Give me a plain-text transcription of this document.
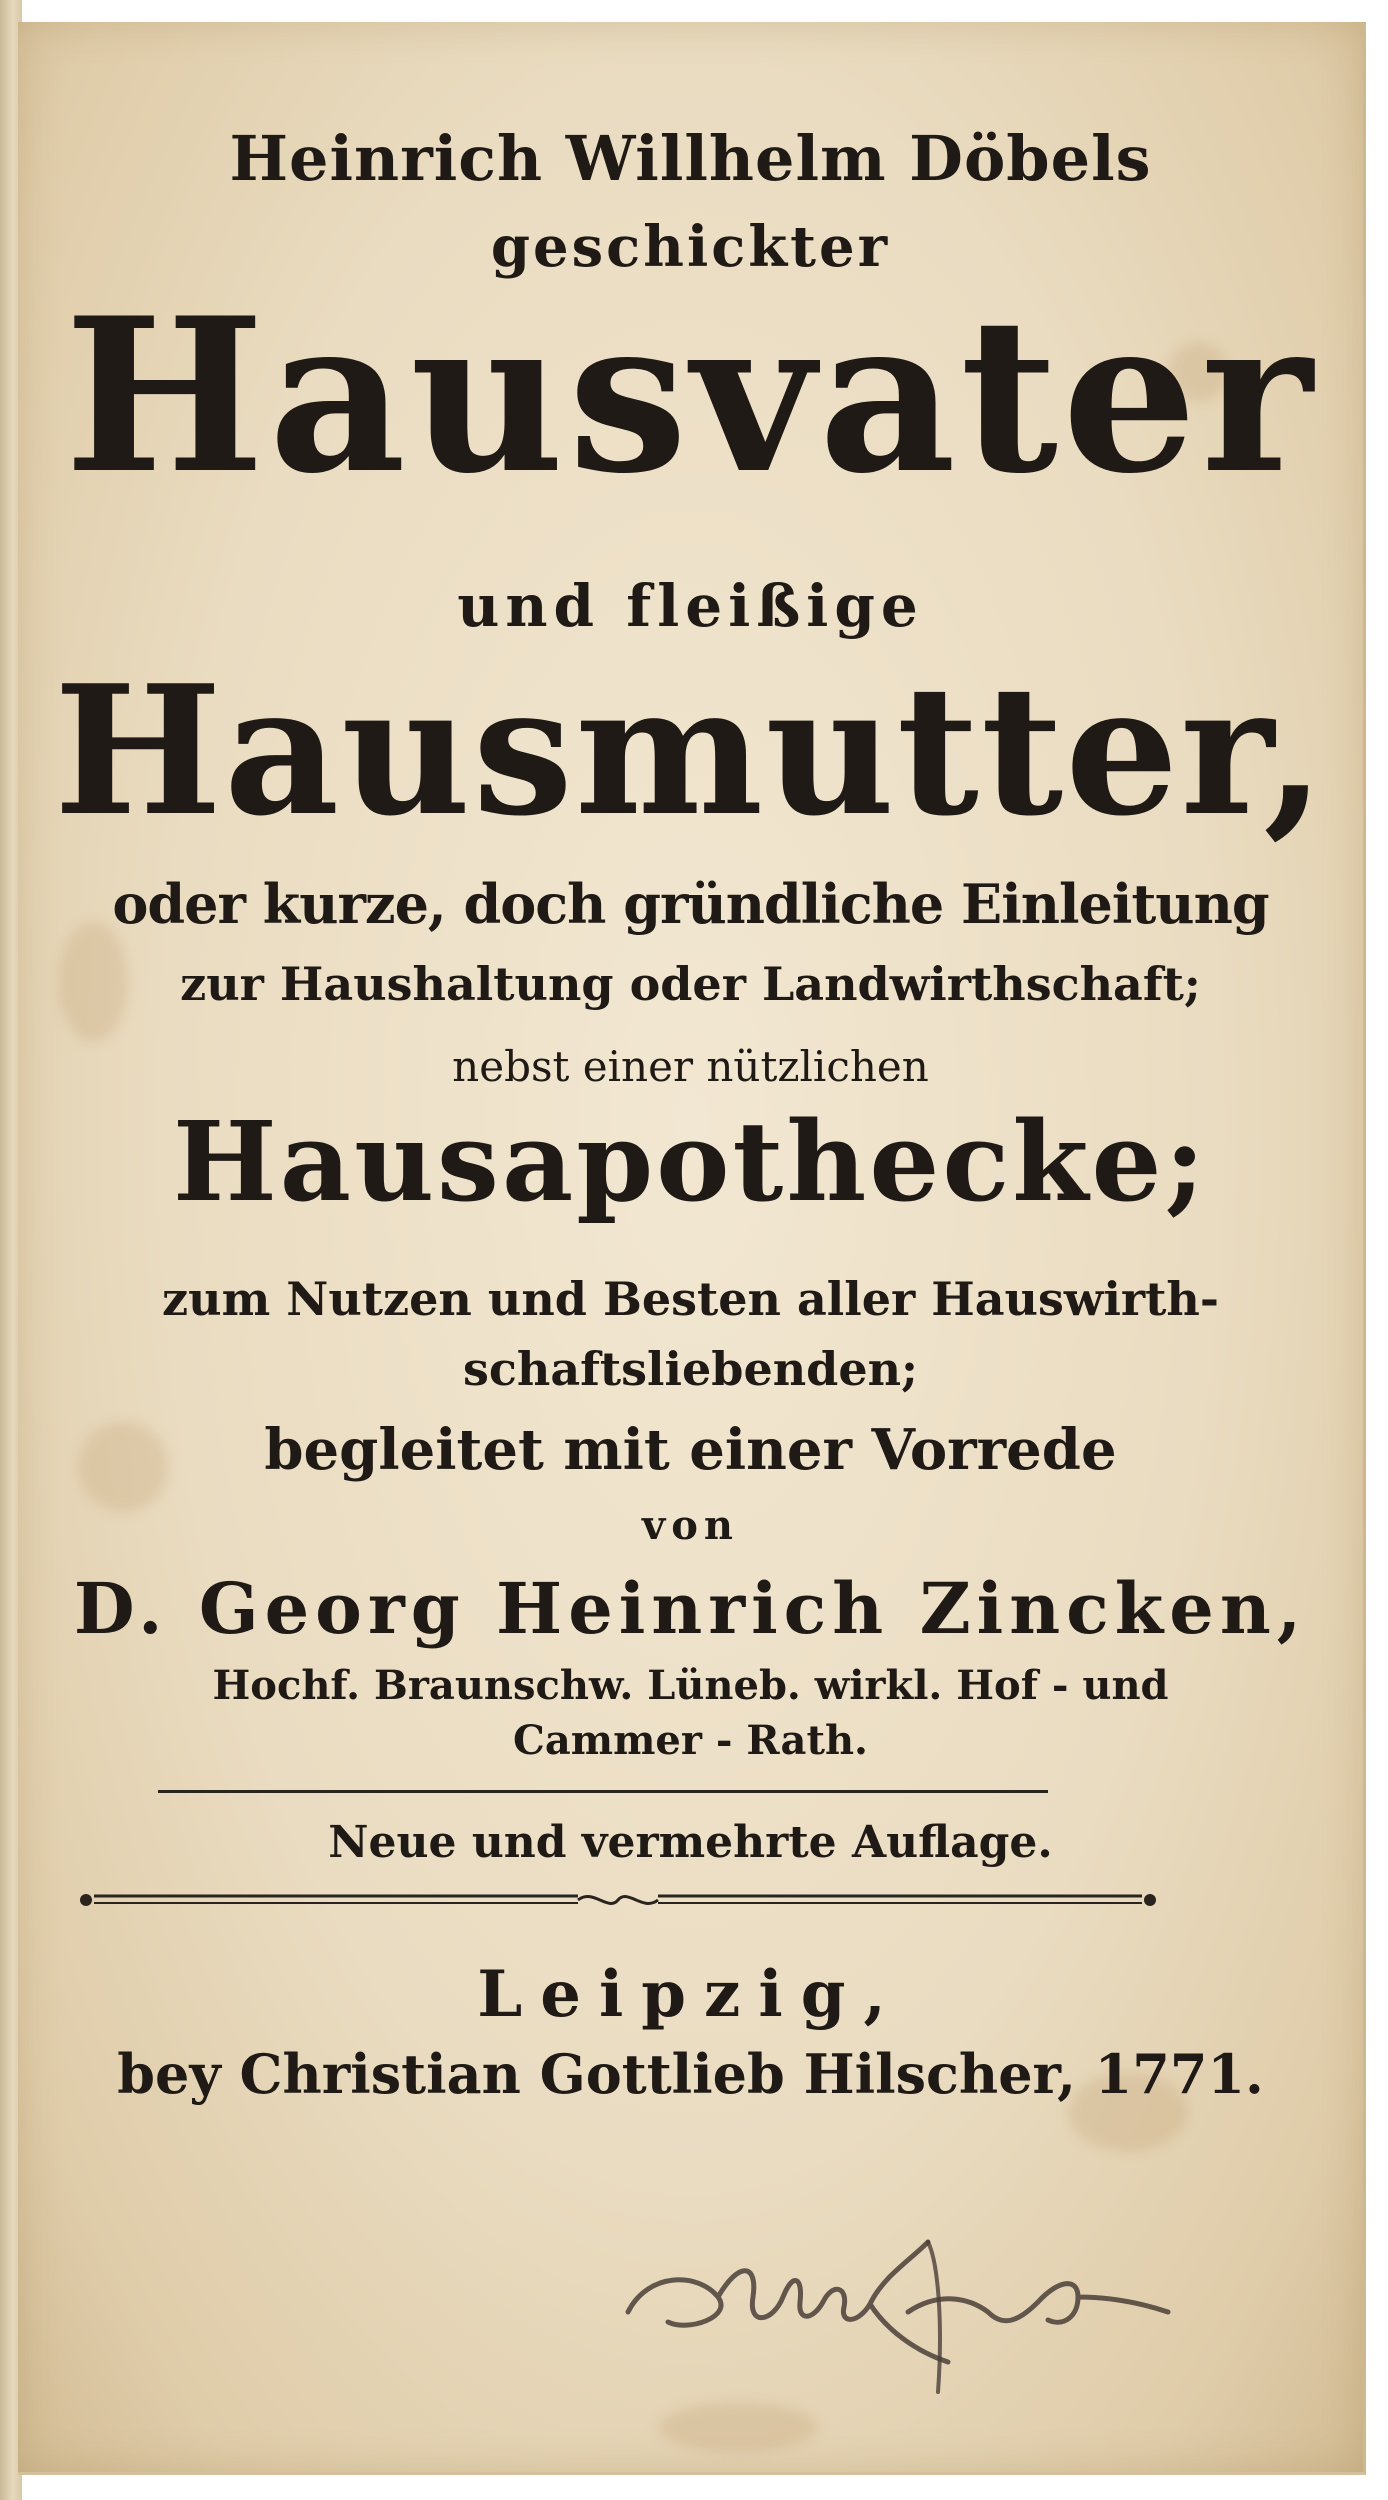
Heinrich Willhelm Döbels
geschickter
Hausvater
und fleißige
Hausmutter,
oder kurze, doch gründliche Einleitung
zur Haushaltung oder Landwirthschaft;
nebst einer nützlichen
Hausapothecke;
zum Nutzen und Besten aller Hauswirth-
schaftsliebenden;
begleitet mit einer Vorrede
von
D. Georg Heinrich Zincken,
Hochf. Braunschw. Lüneb. wirkl. Hof - und
Cammer - Rath.
Neue und vermehrte Auflage.
Leipzig,
bey Christian Gottlieb Hilscher, 1771.
